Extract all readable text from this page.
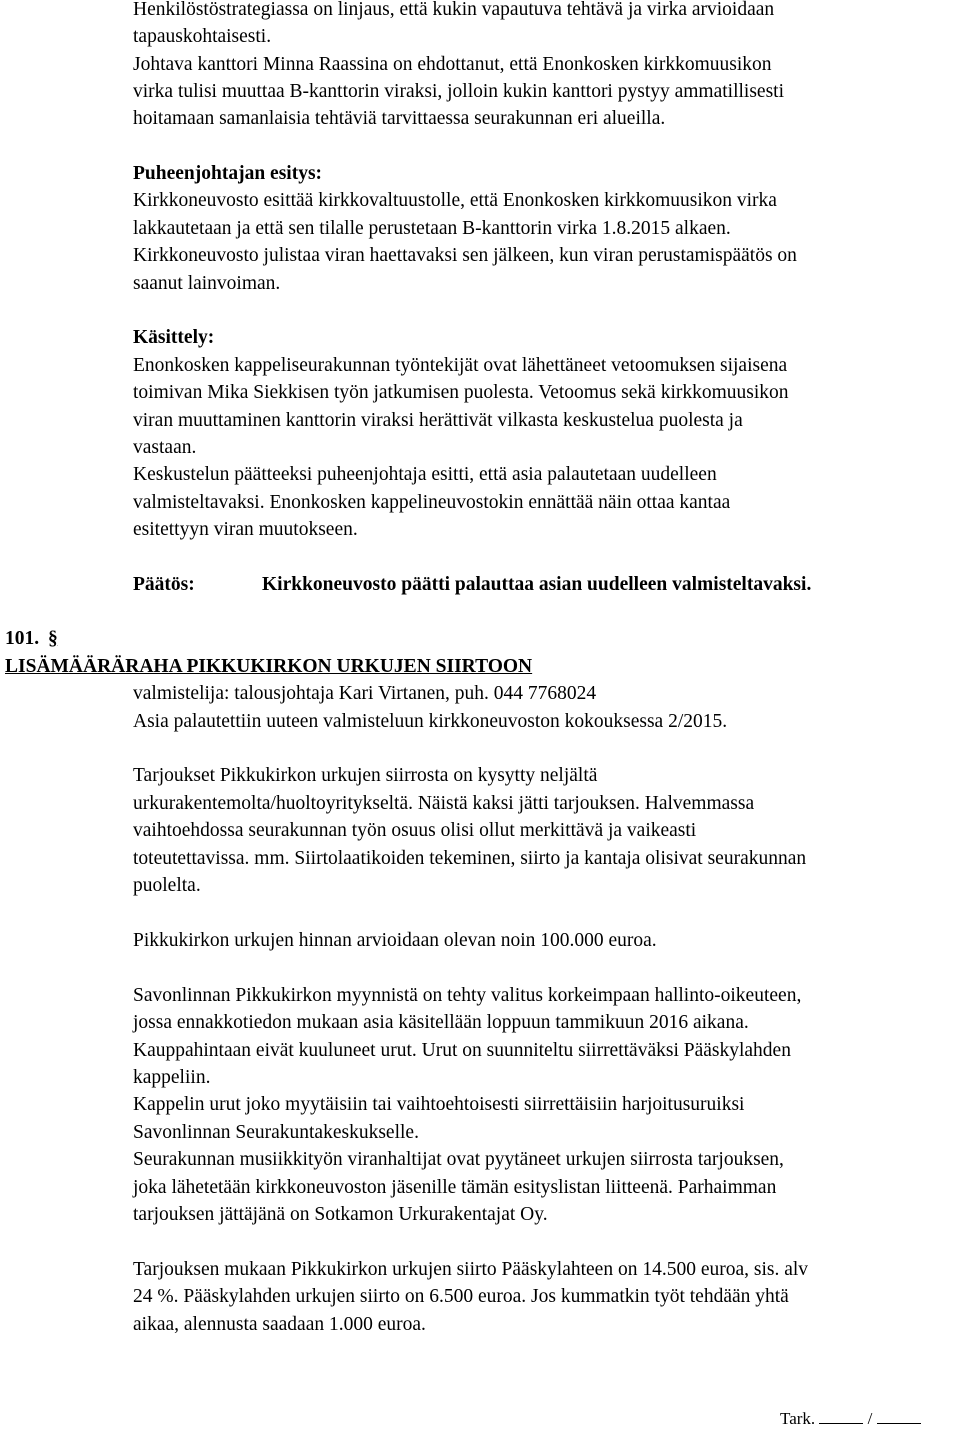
Henkilöstöstrategiassa on linjaus, että kukin vapautuva tehtävä ja virka arvioidaan
tapauskohtaisesti.
Johtava kanttori Minna Raassina on ehdottanut, että Enonkosken kirkkomuusikon
virka tulisi muuttaa B-kanttorin viraksi, jolloin kukin kanttori pystyy ammatillisesti
hoitamaan samanlaisia tehtäviä tarvittaessa seurakunnan eri alueilla.
Puheenjohtajan esitys:
Kirkkoneuvosto esittää kirkkovaltuustolle, että Enonkosken kirkkomuusikon virka
lakkautetaan ja että sen tilalle perustetaan B-kanttorin virka 1.8.2015 alkaen.
Kirkkoneuvosto julistaa viran haettavaksi sen jälkeen, kun viran perustamispäätös on
saanut lainvoiman.
Käsittely:
Enonkosken kappeliseurakunnan työntekijät ovat lähettäneet vetoomuksen sijaisena
toimivan Mika Siekkisen työn jatkumisen puolesta. Vetoomus sekä kirkkomuusikon
viran muuttaminen kanttorin viraksi herättivät vilkasta keskustelua puolesta ja
vastaan.
Keskustelun päätteeksi puheenjohtaja esitti, että asia palautetaan uudelleen
valmisteltavaksi. Enonkosken kappelineuvostokin ennättää näin ottaa kantaa
esitettyyn viran muutokseen.
Päätös:	Kirkkoneuvosto päätti palauttaa asian uudelleen valmisteltavaksi.
101. §
LISÄMÄÄRÄRAHA PIKKUKIRKON URKUJEN SIIRTOON
valmistelija: talousjohtaja Kari Virtanen, puh. 044 7768024
Asia palautettiin uuteen valmisteluun kirkkoneuvoston kokouksessa 2/2015.
Tarjoukset Pikkukirkon urkujen siirrosta on kysytty neljältä
urkurakentemolta/huoltoyritykseltä. Näistä kaksi jätti tarjouksen. Halvemmassa
vaihtoehdossa seurakunnan työn osuus olisi ollut merkittävä ja vaikeasti
toteutettavissa. mm. Siirtolaatikoiden tekeminen, siirto ja kantaja olisivat seurakunnan
puolelta.
Pikkukirkon urkujen hinnan arvioidaan olevan noin 100.000 euroa.
Savonlinnan Pikkukirkon myynnistä on tehty valitus korkeimpaan hallinto-oikeuteen,
jossa ennakkotiedon mukaan asia käsitellään loppuun tammikuun 2016 aikana.
Kauppahintaan eivät kuuluneet urut. Urut on suunniteltu siirrettäväksi Pääskylahden
kappeliin.
Kappelin urut joko myytäisiin tai vaihtoehtoisesti siirrettäisiin harjoitusuruiksi
Savonlinnan Seurakuntakeskukselle.
Seurakunnan musiikkityön viranhaltijat ovat pyytäneet urkujen siirrosta tarjouksen,
joka lähetetään kirkkoneuvoston jäsenille tämän esityslistan liitteenä. Parhaimman
tarjouksen jättäjänä on Sotkamon Urkurakentajat Oy.
Tarjouksen mukaan Pikkukirkon urkujen siirto Pääskylahteen on 14.500 euroa, sis. alv
24 %. Pääskylahden urkujen siirto on 6.500 euroa. Jos kummatkin työt tehdään yhtä
aikaa, alennusta saadaan 1.000 euroa.
Tark.	/
